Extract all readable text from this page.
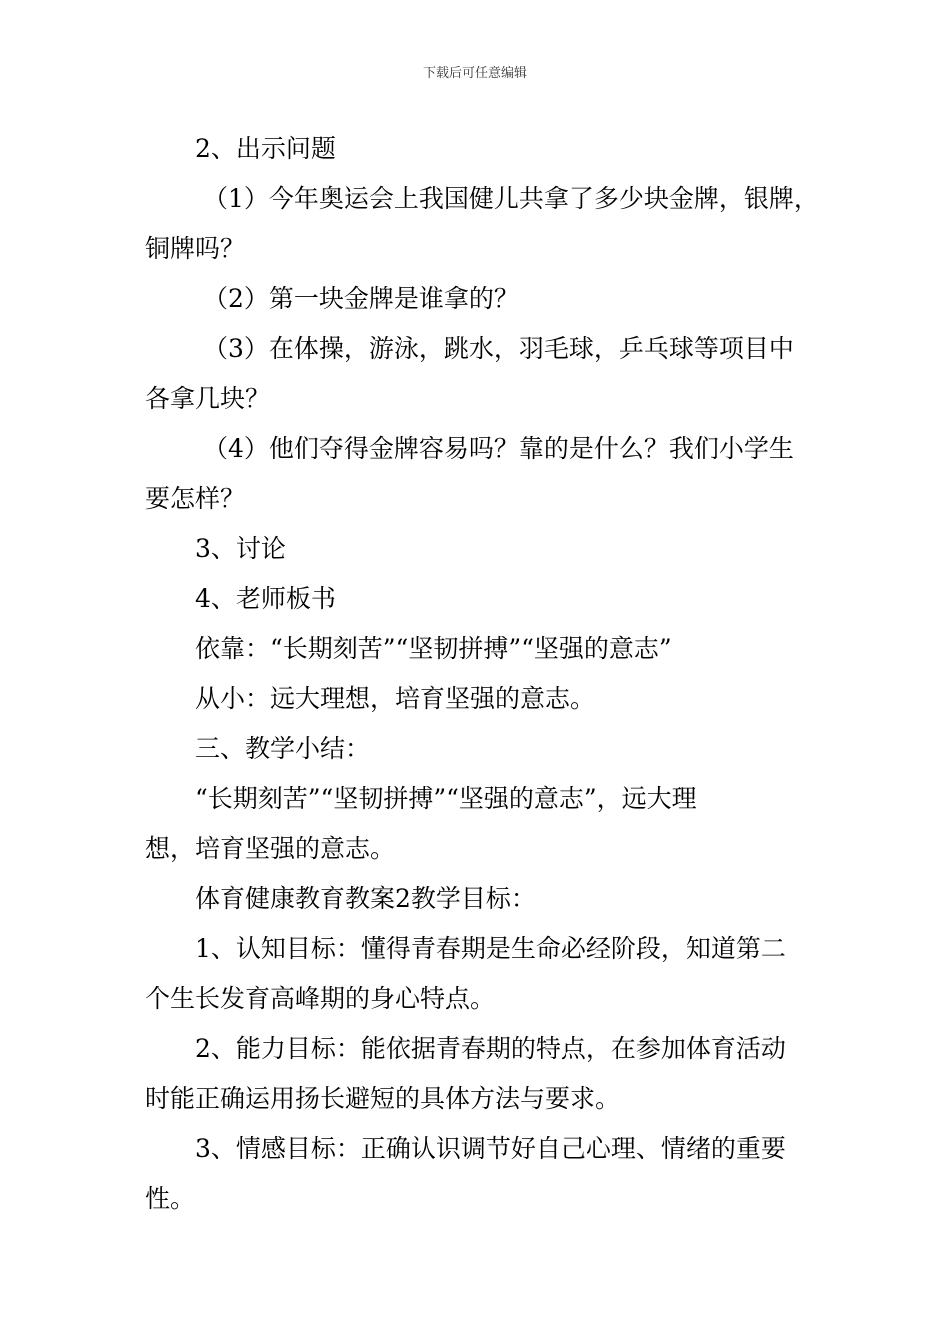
下载后可任意编辑
2、出示问题
（1）今年奥运会上我国健儿共拿了多少块金牌，银牌，
铜牌吗？
（2）第一块金牌是谁拿的？
（3）在体操，游泳，跳水，羽毛球，乒乓球等项目中
各拿几块？
（4）他们夺得金牌容易吗？靠的是什么？我们小学生
要怎样？
3、讨论
4、老师板书
依靠：“长期刻苦”“坚韧拼搏”“坚强的意志”
从小：远大理想，培育坚强的意志。
三、教学小结：
“长期刻苦”“坚韧拼搏”“坚强的意志”，远大理
想，培育坚强的意志。
体育健康教育教案2教学目标：
1、认知目标：懂得青春期是生命必经阶段，知道第二
个生长发育高峰期的身心特点。
2、能力目标：能依据青春期的特点，在参加体育活动
时能正确运用扬长避短的具体方法与要求。
3、情感目标：正确认识调节好自己心理、情绪的重要
性。
